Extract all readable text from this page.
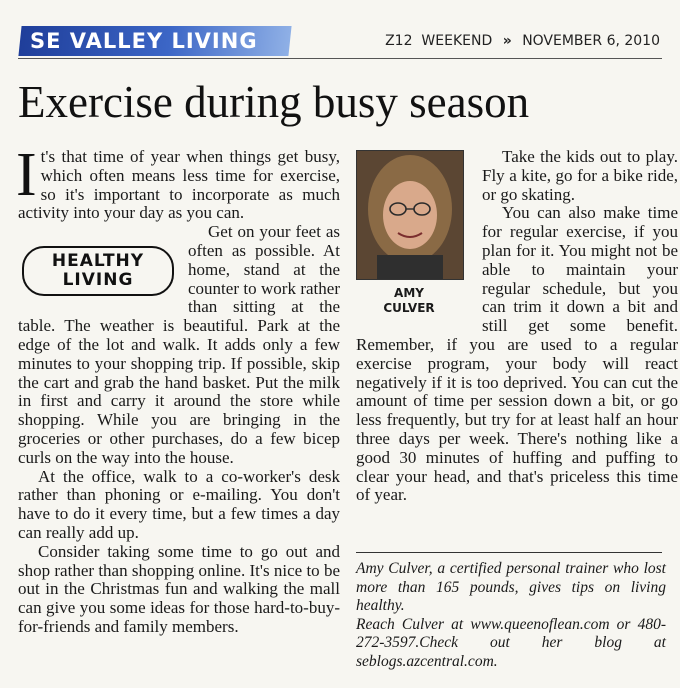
SE VALLEY LIVING	Z12 WEEKEND » NOVEMBER 6, 2010
Exercise during busy season
I
HEALTHY
LIVING

t's that time of year when things get busy, which often means less time for exercise, so it's important to incorporate as much activity into your day as you can.

Get on your feet as often as possible. At home, stand at the counter to work rather than sitting at the table. The weather is beautiful. Park at the edge of the lot and walk. It adds only a few minutes to your shopping trip. If possible, skip the cart and grab the hand basket. Put the milk in first and carry it around the store while shopping. While you are bringing in the groceries or other purchases, do a few bicep curls on the way into the house.

At the office, walk to a co-worker's desk rather than phoning or e-mailing. You don't have to do it every time, but a few times a day can really add up.

Consider taking some time to go out and shop rather than shopping online. It's nice to be out in the Christmas fun and walking the mall can give you some ideas for those hard-to-buy-for-friends and family members.

AMY
CULVER

Take the kids out to play. Fly a kite, go for a bike ride, or go skating.

You can also make time for regular exercise, if you plan for it. You might not be able to maintain your regular schedule, but you can trim it down a bit and still get some benefit. Remember, if you are used to a regular exercise program, your body will react negatively if it is too deprived. You can cut the amount of time per session down a bit, or go less frequently, but try for at least half an hour three days per week. There's nothing like a good 30 minutes of huffing and puffing to clear your head, and that's priceless this time of year.

Amy Culver, a certified personal trainer who lost more than 165 pounds, gives tips on living healthy.

Reach Culver at www.queenoflean.com or 480-272-3597.Check out her blog at seblogs.azcentral.com.
